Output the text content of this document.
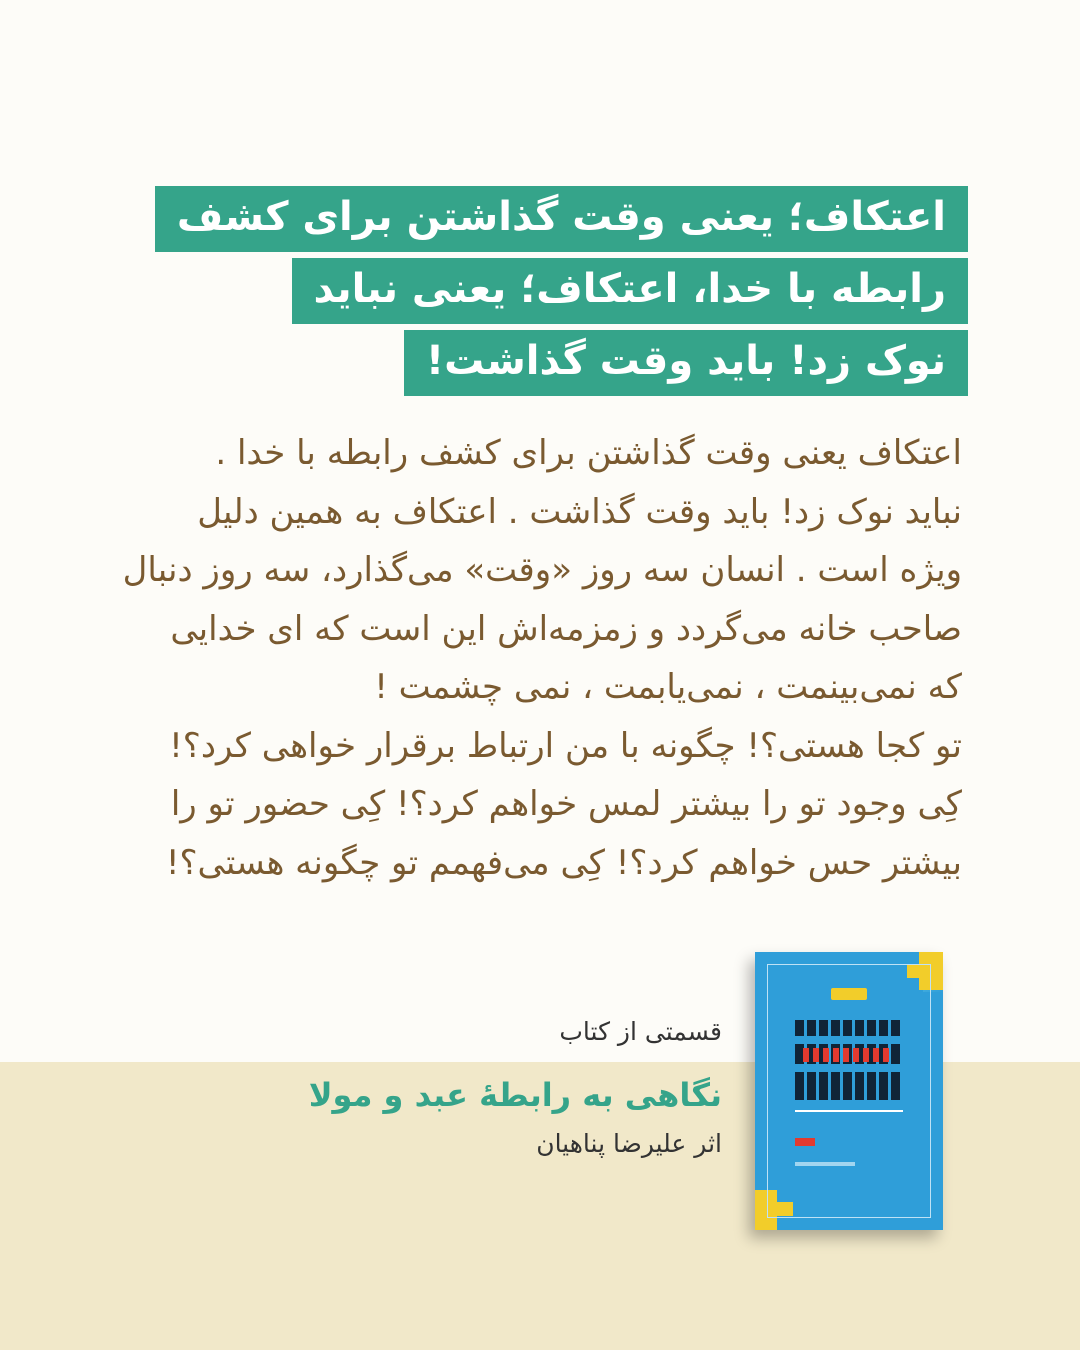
اعتکاف؛ یعنی وقت گذاشتن برای کشف
رابطه با خدا، اعتکاف؛ یعنی نباید
نوک زد! باید وقت گذاشت!
اعتکاف یعنی وقت گذاشتن برای کشف رابطه با خدا .
نباید نوک زد! باید وقت گذاشت . اعتکاف به همین دلیل
ویژه است . انسان سه روز «وقت» می‌گذارد، سه روز دنبال
صاحب خانه می‌گردد و زمزمه‌اش این است که ای خدایی
که نمی‌بینمت ، نمی‌یابمت ، نمی چشمت !
تو کجا هستی؟! چگونه با من ارتباط برقرار خواهی کرد؟!
کِی وجود تو را بیشتر لمس خواهم کرد؟! کِی حضور تو را
بیشتر حس خواهم کرد؟! کِی می‌فهمم تو چگونه هستی؟!
قسمتی از کتاب
نگاهی به رابطهٔ عبد و مولا
اثر علیرضا پناهیان
